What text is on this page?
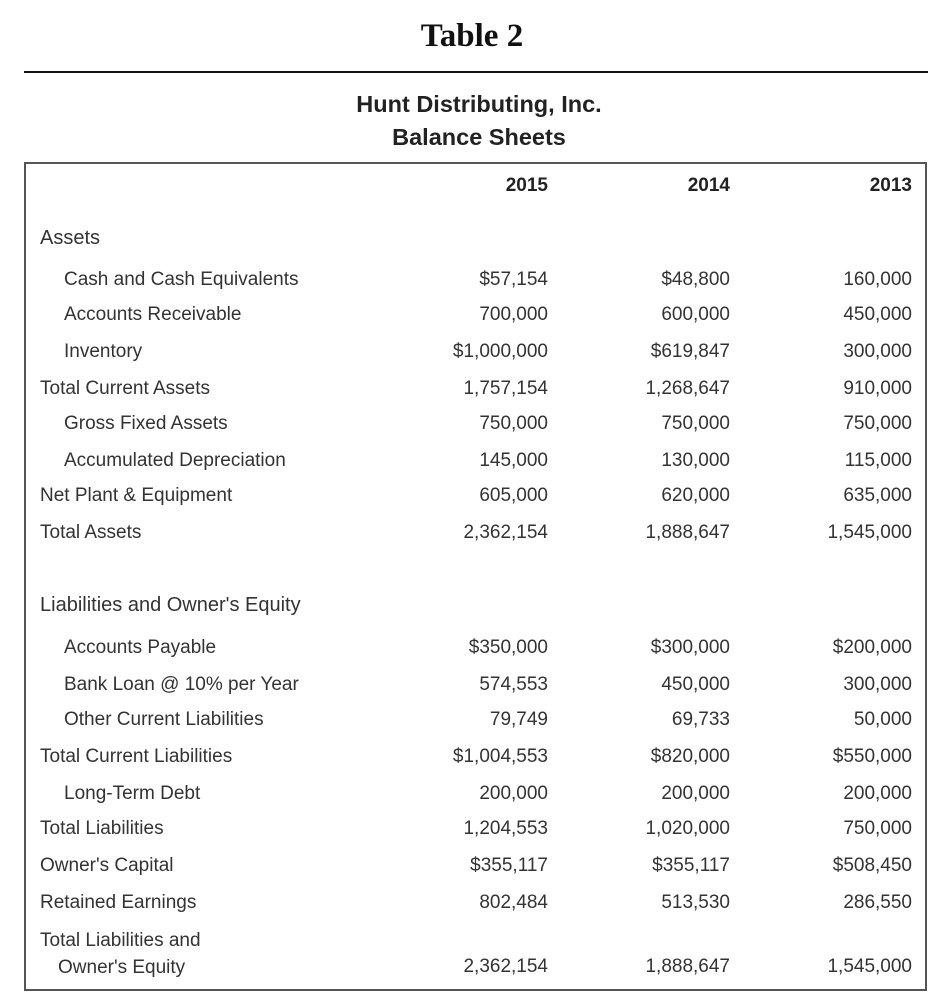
Table 2
Hunt Distributing, Inc.
Balance Sheets
2015	2014	2013
Assets
Cash and Cash Equivalents	$57,154	$48,800	160,000
Accounts Receivable	700,000	600,000	450,000
Inventory	$1,000,000	$619,847	300,000
Total Current Assets	1,757,154	1,268,647	910,000
Gross Fixed Assets	750,000	750,000	750,000
Accumulated Depreciation	145,000	130,000	115,000
Net Plant & Equipment	605,000	620,000	635,000
Total Assets	2,362,154	1,888,647	1,545,000
Liabilities and Owner's Equity
Accounts Payable	$350,000	$300,000	$200,000
Bank Loan @ 10% per Year	574,553	450,000	300,000
Other Current Liabilities	79,749	69,733	50,000
Total Current Liabilities	$1,004,553	$820,000	$550,000
Long-Term Debt	200,000	200,000	200,000
Total Liabilities	1,204,553	1,020,000	750,000
Owner's Capital	$355,117	$355,117	$508,450
Retained Earnings	802,484	513,530	286,550
Total Liabilities and
Owner's Equity	2,362,154	1,888,647	1,545,000
